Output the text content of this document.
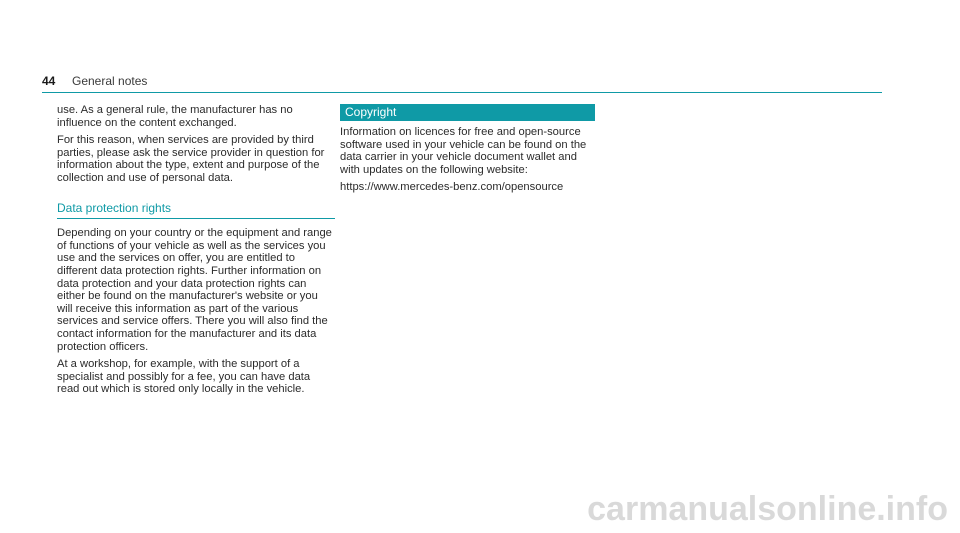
44 General notes

use. As a general rule, the manufacturer has no influence on the content exchanged.

For this reason, when services are provided by third parties, please ask the service provider in question for information about the type, extent and purpose of the collection and use of personal data.

Data protection rights

Depending on your country or the equipment and range of functions of your vehicle as well as the services you use and the services on offer, you are entitled to different data protection rights. Further information on data protection and your data protection rights can either be found on the manufacturer's website or you will receive this information as part of the various services and service offers. There you will also find the contact information for the manufacturer and its data protection officers.

At a workshop, for example, with the support of a specialist and possibly for a fee, you can have data read out which is stored only locally in the vehicle.

Copyright

Information on licences for free and open-source software used in your vehicle can be found on the data carrier in your vehicle document wallet and with updates on the following website:

https://www.mercedes-benz.com/opensource

carmanualsonline.info
